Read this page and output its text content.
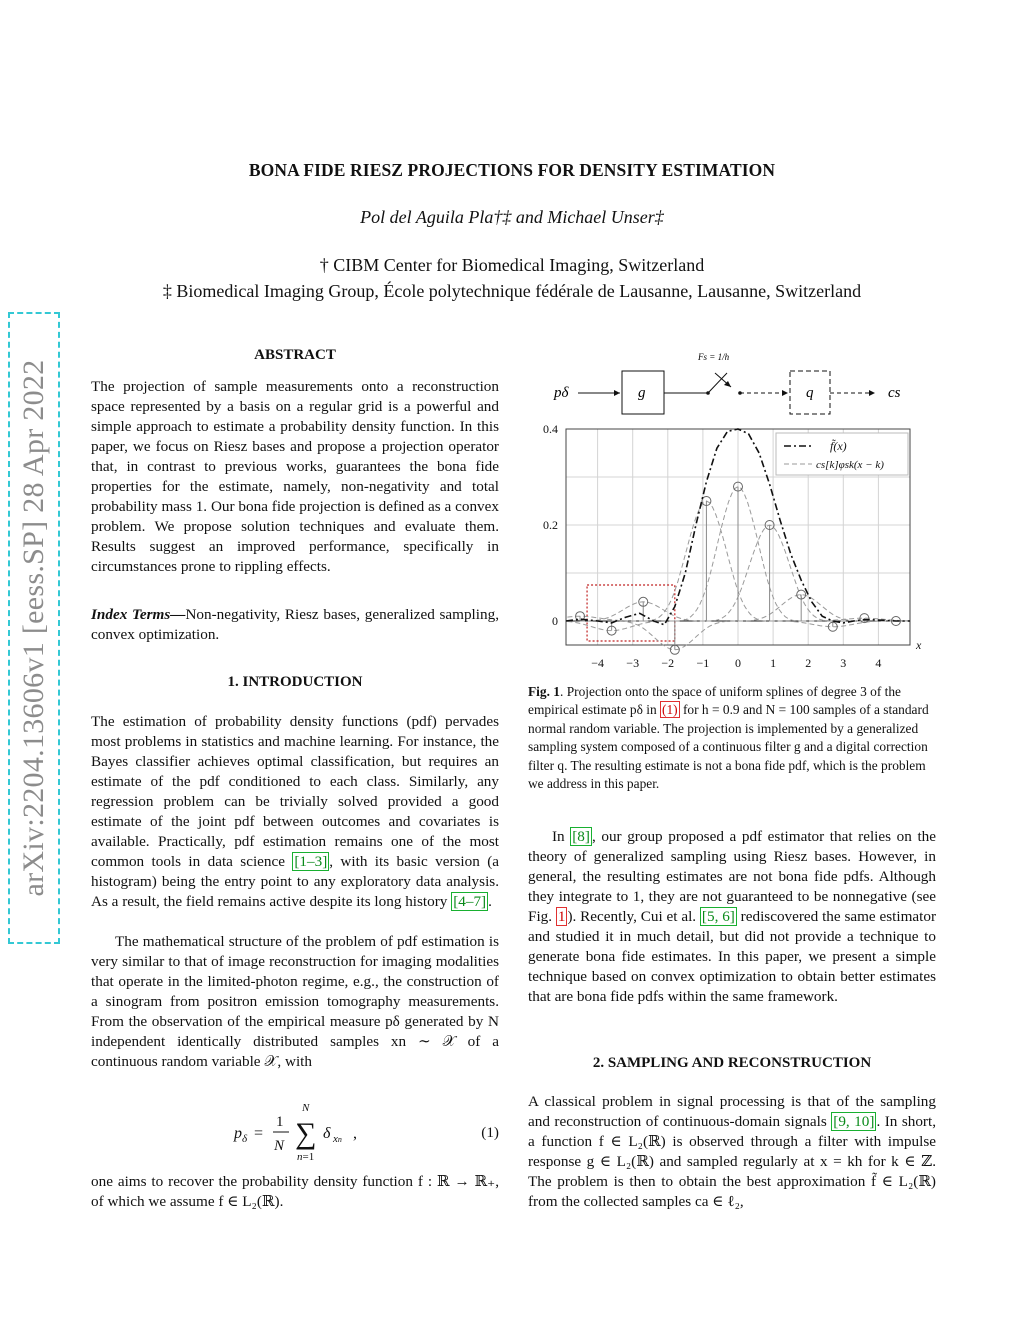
arXiv:2204.13606v1 [eess.SP] 28 Apr 2022
BONA FIDE RIESZ PROJECTIONS FOR DENSITY ESTIMATION
Pol del Aguila Pla†‡ and Michael Unser‡
† CIBM Center for Biomedical Imaging, Switzerland
‡ Biomedical Imaging Group, École polytechnique fédérale de Lausanne, Lausanne, Switzerland
ABSTRACT
The projection of sample measurements onto a reconstruction space represented by a basis on a regular grid is a powerful and simple approach to estimate a probability density function. In this paper, we focus on Riesz bases and propose a projection operator that, in contrast to previous works, guarantees the bona fide properties for the estimate, namely, non-negativity and total probability mass 1. Our bona fide projection is defined as a convex problem. We propose solution techniques and evaluate them. Results suggest an improved performance, specifically in circumstances prone to rippling effects.
Index Terms—Non-negativity, Riesz bases, generalized sampling, convex optimization.
1. INTRODUCTION
The estimation of probability density functions (pdf) pervades most problems in statistics and machine learning. For instance, the Bayes classifier achieves optimal classification, but requires an estimate of the pdf conditioned to each class. Similarly, any regression problem can be trivially solved provided a good estimate of the joint pdf between outcomes and covariates is available. Practically, pdf estimation remains one of the most common tools in data science [1–3] , with its basic version (a histogram) being the entry point to any exploratory data analysis. As a result, the field remains active despite its long history [4–7] .
The mathematical structure of the problem of pdf estimation is very similar to that of image reconstruction for imaging modalities that operate in the limited-photon regime, e.g., the construction of a sinogram from positron emission tomography measurements. From the observation of the empirical measure pδ generated by N independent identically distributed samples xn ∼ 𝒳 of a continuous random variable 𝒳, with
p δ =
1
N
N
∑
n=1
δ xn ,	(1)
one aims to recover the probability density function f : ℝ → ℝ₊, of which we assume f ∈ L₂(ℝ).
pδ	g
Fs = 1/h
q	cs
−4 −3 −2 −1 0 1 2 3 4
0
0.2
0.4
x
f̃(x)
cs[k]φsk(x − k)
Fig. 1. Projection onto the space of uniform splines of degree 3 of the empirical estimate pδ in (1) for h = 0.9 and N = 100 samples of a standard normal random variable. The projection is implemented by a generalized sampling system composed of a continuous filter g and a digital correction filter q. The resulting estimate is not a bona fide pdf, which is the problem we address in this paper.
In [8] , our group proposed a pdf estimator that relies on the theory of generalized sampling using Riesz bases. However, in general, the resulting estimates are not bona fide pdfs. Although they integrate to 1, they are not guaranteed to be nonnegative (see Fig. 1 ). Recently, Cui et al. [5, 6] rediscovered the same estimator and studied it in much detail, but did not provide a technique to generate bona fide estimates. In this paper, we present a simple technique based on convex optimization to obtain better estimates that are bona fide pdfs within the same framework.
2. SAMPLING AND RECONSTRUCTION
A classical problem in signal processing is that of the sampling and reconstruction of continuous-domain signals [9, 10] . In short, a function f ∈ L₂(ℝ) is observed through a filter with impulse response g ∈ L₂(ℝ) and sampled regularly at x = kh for k ∈ ℤ. The problem is then to obtain the best approximation f̃ ∈ L₂(ℝ) from the collected samples ca ∈ ℓ₂,
